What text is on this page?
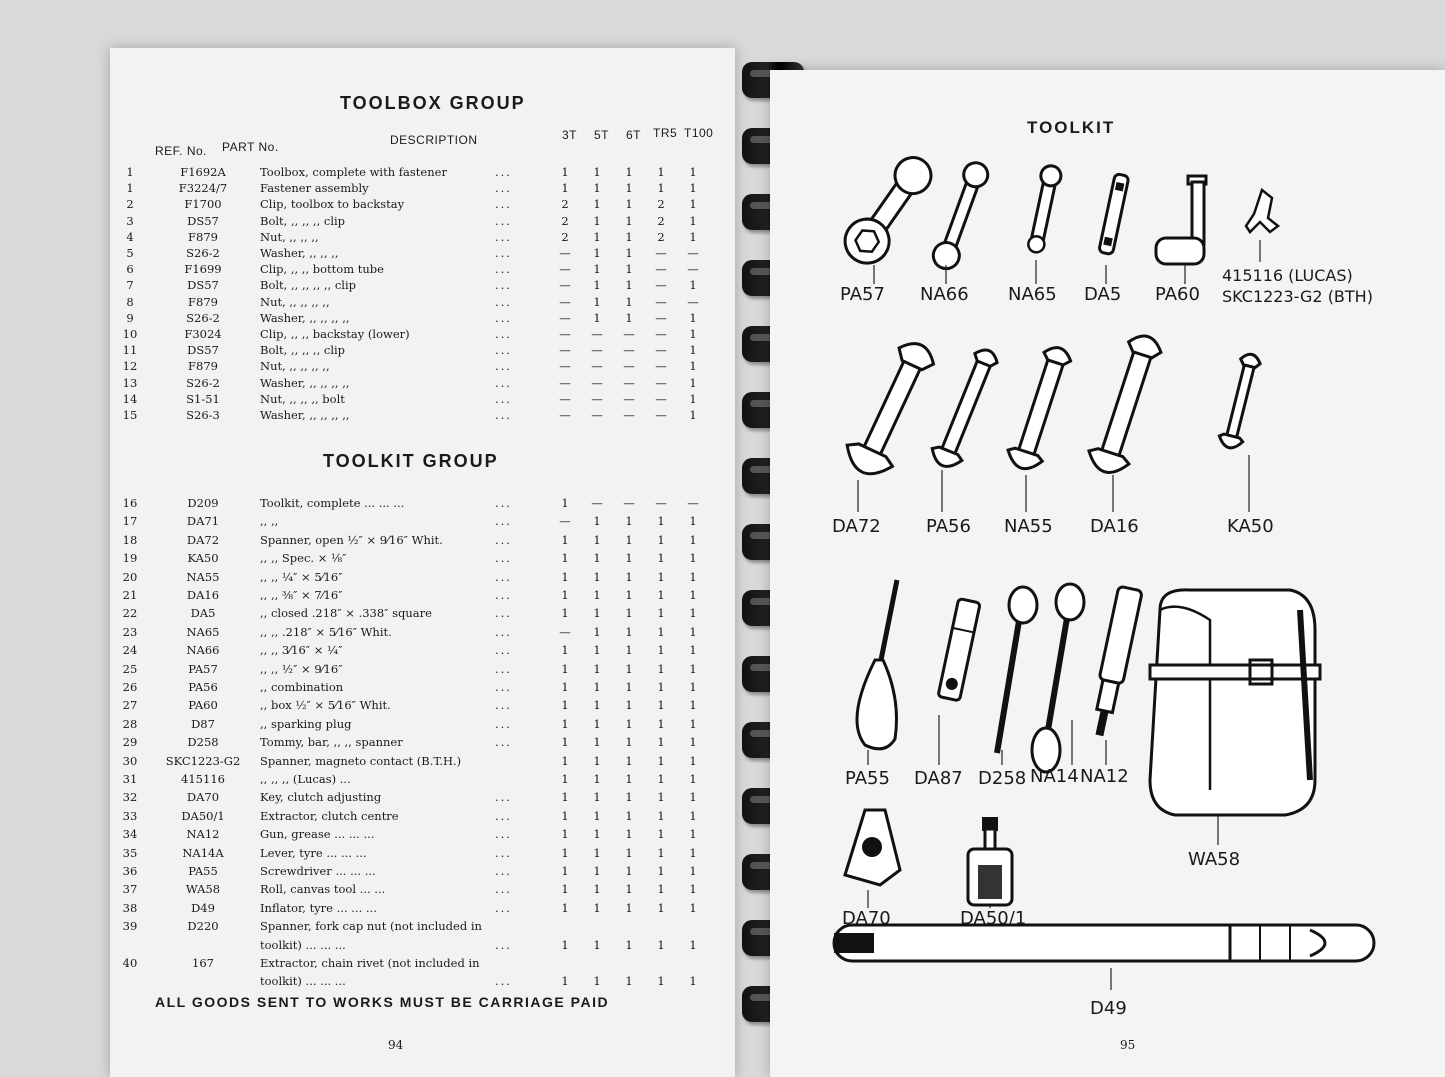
TOOLBOX GROUP
REF. No. PART No.	DESCRIPTION	3T 5T 6T TR5 T100
1	F1692A	Toolbox, complete with fastener	...	1 1 1 1 1
1	F3224/7	Fastener assembly	...	1 1 1 1 1
2	F1700	Clip, toolbox to backstay	...	2 1 1 2 1
3	DS57	Bolt, ,, ,, ,, clip	...	2 1 1 2 1
4	F879	Nut, ,, ,, ,,	...	2 1 1 2 1
5	S26-2	Washer, ,, ,, ,,	...	— 1 1 — —
6	F1699	Clip, ,, ,, bottom tube	...	— 1 1 — —
7	DS57	Bolt, ,, ,, ,, ,, clip	...	— 1 1 — 1
8	F879	Nut, ,, ,, ,, ,,	...	— 1 1 — —
9	S26-2	Washer, ,, ,, ,, ,,	...	— 1 1 — 1
10	F3024	Clip, ,, ,, backstay (lower)	...	— — — — 1
11	DS57	Bolt, ,, ,, ,, clip	...	— — — — 1
12	F879	Nut, ,, ,, ,, ,,	...	— — — — 1
13	S26-2	Washer, ,, ,, ,, ,,	...	— — — — 1
14	S1-51	Nut, ,, ,, ,, bolt	...	— — — — 1
15	S26-3	Washer, ,, ,, ,, ,,	...	— — — — 1
TOOLKIT GROUP
16	D209	Toolkit, complete ... ... ...	...	1 — — — —
17	DA71	,, ,,	...	— 1 1 1 1
18	DA72	Spanner, open ½″ × 9⁄16″ Whit.	...	1 1 1 1 1
19	KA50	,, ,, Spec. × ⅛″	...	1 1 1 1 1
20	NA55	,, ,, ¼″ × 5⁄16″	...	1 1 1 1 1
21	DA16	,, ,, ⅜″ × 7⁄16″	...	1 1 1 1 1
22	DA5	,, closed .218″ × .338″ square	...	1 1 1 1 1
23	NA65	,, ,, .218″ × 5⁄16″ Whit.	...	— 1 1 1 1
24	NA66	,, ,, 3⁄16″ × ¼″	...	1 1 1 1 1
25	PA57	,, ,, ½″ × 9⁄16″	...	1 1 1 1 1
26	PA56	,, combination	...	1 1 1 1 1
27	PA60	,, box ½″ × 5⁄16″ Whit.	...	1 1 1 1 1
28	D87	,, sparking plug	...	1 1 1 1 1
29	D258	Tommy, bar, ,, ,, spanner	...	1 1 1 1 1
30	SKC1223-G2	Spanner, magneto contact (B.T.H.)	1 1 1 1 1
31	415116	,, ,, ,, (Lucas) ...	1 1 1 1 1
32	DA70	Key, clutch adjusting	...	1 1 1 1 1
33	DA50/1	Extractor, clutch centre	...	1 1 1 1 1
34	NA12	Gun, grease ... ... ...	...	1 1 1 1 1
35	NA14A	Lever, tyre ... ... ...	...	1 1 1 1 1
36	PA55	Screwdriver ... ... ...	...	1 1 1 1 1
37	WA58	Roll, canvas tool ... ...	...	1 1 1 1 1
38	D49	Inflator, tyre ... ... ...	...	1 1 1 1 1
39	D220	Spanner, fork cap nut (not included in
toolkit) ... ... ...	...	1 1 1 1 1
40	167	Extractor, chain rivet (not included in
toolkit) ... ... ...	...	1 1 1 1 1
ALL GOODS SENT TO WORKS MUST BE CARRIAGE PAID
94
TOOLKIT
PA57 NA66 NA65 DA5 PA60
415116 (LUCAS)
SKC1223-G2 (BTH)
DA72	PA56 NA55 DA16	KA50
PA55 DA87 D258 NA14 NA12
WA58
DA70	DA50/1
D49
95
